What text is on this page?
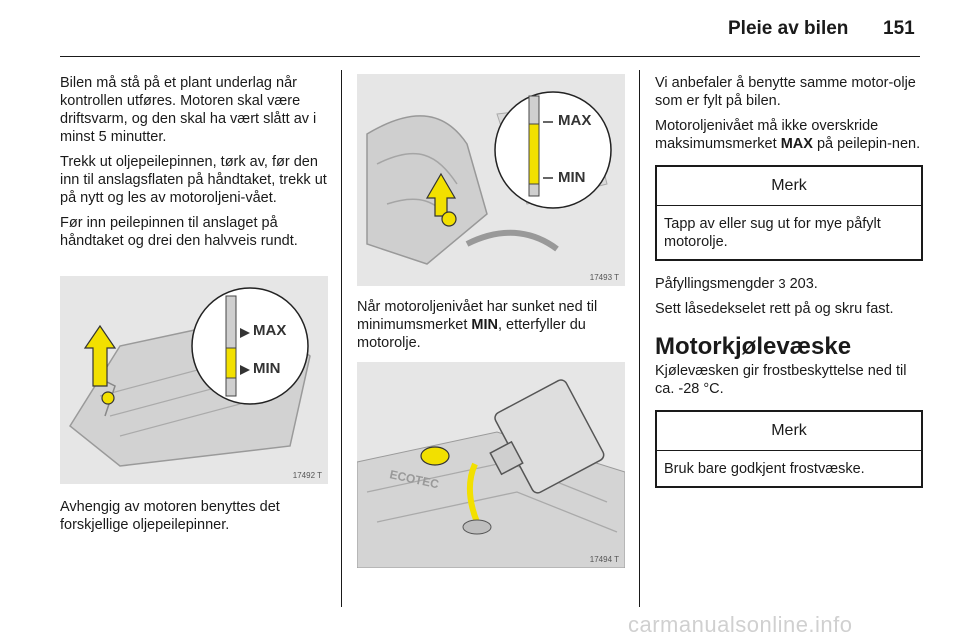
Pleie av bilen 151

Bilen må stå på et plant underlag når kontrollen utføres. Motoren skal være driftsvarm, og den skal ha vært slått av i minst 5 minutter.

Trekk ut oljepeilepinnen, tørk av, før den inn til anslagsflaten på håndtaket, trekk ut på nytt og les av motoroljeni-vået.

Før inn peilepinnen til anslaget på håndtaket og drei den halvveis rundt.

MAX
MIN
17492 T

Avhengig av motoren benyttes det forskjellige oljepeilepinner.

MAX
MIN
17493 T

Når motoroljenivået har sunket ned til minimumsmerket MIN, etterfyller du motorolje.

ECOTEC
17494 T

Vi anbefaler å benytte samme motor-olje som er fylt på bilen.

Motoroljenivået må ikke overskride maksimumsmerket MAX på peilepin-nen.

Merk
Tapp av eller sug ut for mye påfylt motorolje.

Påfyllingsmengder 3 203.

Sett låsedekselet rett på og skru fast.

Motorkjølevæske

Kjølevæsken gir frostbeskyttelse ned til ca. -28 °C.

Merk
Bruk bare godkjent frostvæske.
carmanualsonline.info
